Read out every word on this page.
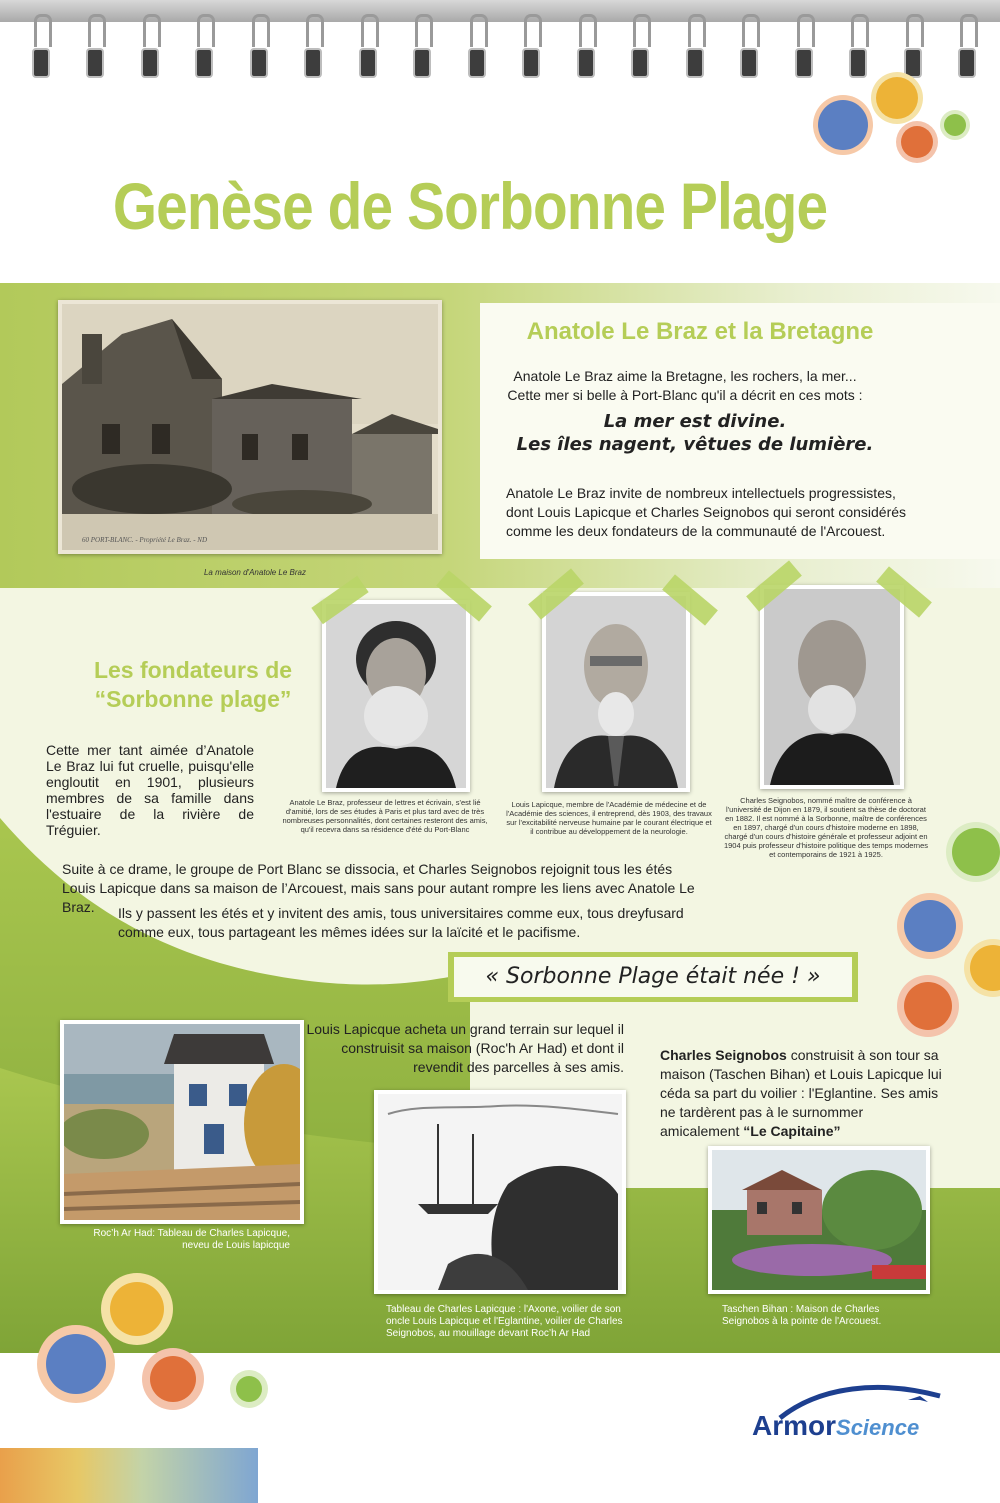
Genèse de Sorbonne Plage
60 PORT-BLANC. - Propriété Le Braz. - ND
La maison d'Anatole Le Braz
Anatole Le Braz et la Bretagne
Anatole Le Braz aime la Bretagne, les rochers, la mer...
Cette mer si belle à Port-Blanc qu'il a décrit en ces mots :
La mer est divine.
Les îles nagent, vêtues de lumière.
Anatole Le Braz invite de nombreux intellectuels progressistes,
dont Louis Lapicque et Charles Seignobos qui seront considérés
comme les deux fondateurs de la communauté de l'Arcouest.
Les fondateurs de
“Sorbonne plage”
Cette mer tant aimée d’Anatole Le Braz lui fut cruelle, puisqu'elle engloutit en 1901, plusieurs membres de sa famille dans l'estuaire de la rivière de Tréguier.
Anatole Le Braz, professeur de lettres et écrivain, s'est lié d'amitié, lors de ses études à Paris et plus tard avec de très nombreuses personnalités, dont certaines resteront des amis, qu'il recevra dans sa résidence d'été du Port-Blanc
Louis Lapicque, membre de l'Académie de médecine et de l'Académie des sciences, il entreprend, dès 1903, des travaux sur l'excitabilité nerveuse humaine par le courant électrique et il contribue au développement de la neurologie.
Charles Seignobos, nommé maître de conférence à l'université de Dijon en 1879, il soutient sa thèse de doctorat en 1882. Il est nommé à la Sorbonne, maître de conférences en 1897, chargé d'un cours d'histoire moderne en 1898, chargé d'un cours d'histoire générale et professeur adjoint en 1904 puis professeur d'histoire politique des temps modernes et contemporains de 1921 à 1925.
Suite à ce drame, le groupe de Port Blanc se dissocia, et Charles Seignobos rejoignit tous les étés Louis Lapicque dans sa maison de l’Arcouest, mais sans pour autant rompre les liens avec Anatole Le Braz.	Ils y passent les étés et y invitent des amis, tous universitaires comme eux, tous dreyfusard comme eux, tous partageant les mêmes idées sur la laïcité et le pacifisme.
« Sorbonne Plage était née ! »
Roc’h Ar Had: Tableau de Charles Lapicque, neveu de Louis lapicque
Louis Lapicque acheta un grand terrain sur lequel il construisit sa maison (Roc'h Ar Had) et dont il revendit des parcelles à ses amis.
Tableau de Charles Lapicque : l'Axone, voilier de son oncle Louis Lapicque et l'Eglantine, voilier de Charles Seignobos, au mouillage devant Roc’h Ar Had
Charles Seignobos construisit à son tour sa maison (Taschen Bihan) et Louis Lapicque lui céda sa part du voilier : l'Eglantine. Ses amis ne tardèrent pas à le surnommer amicalement “Le Capitaine”
Taschen Bihan : Maison de Charles Seignobos à la pointe de l'Arcouest.
ArmorScience
